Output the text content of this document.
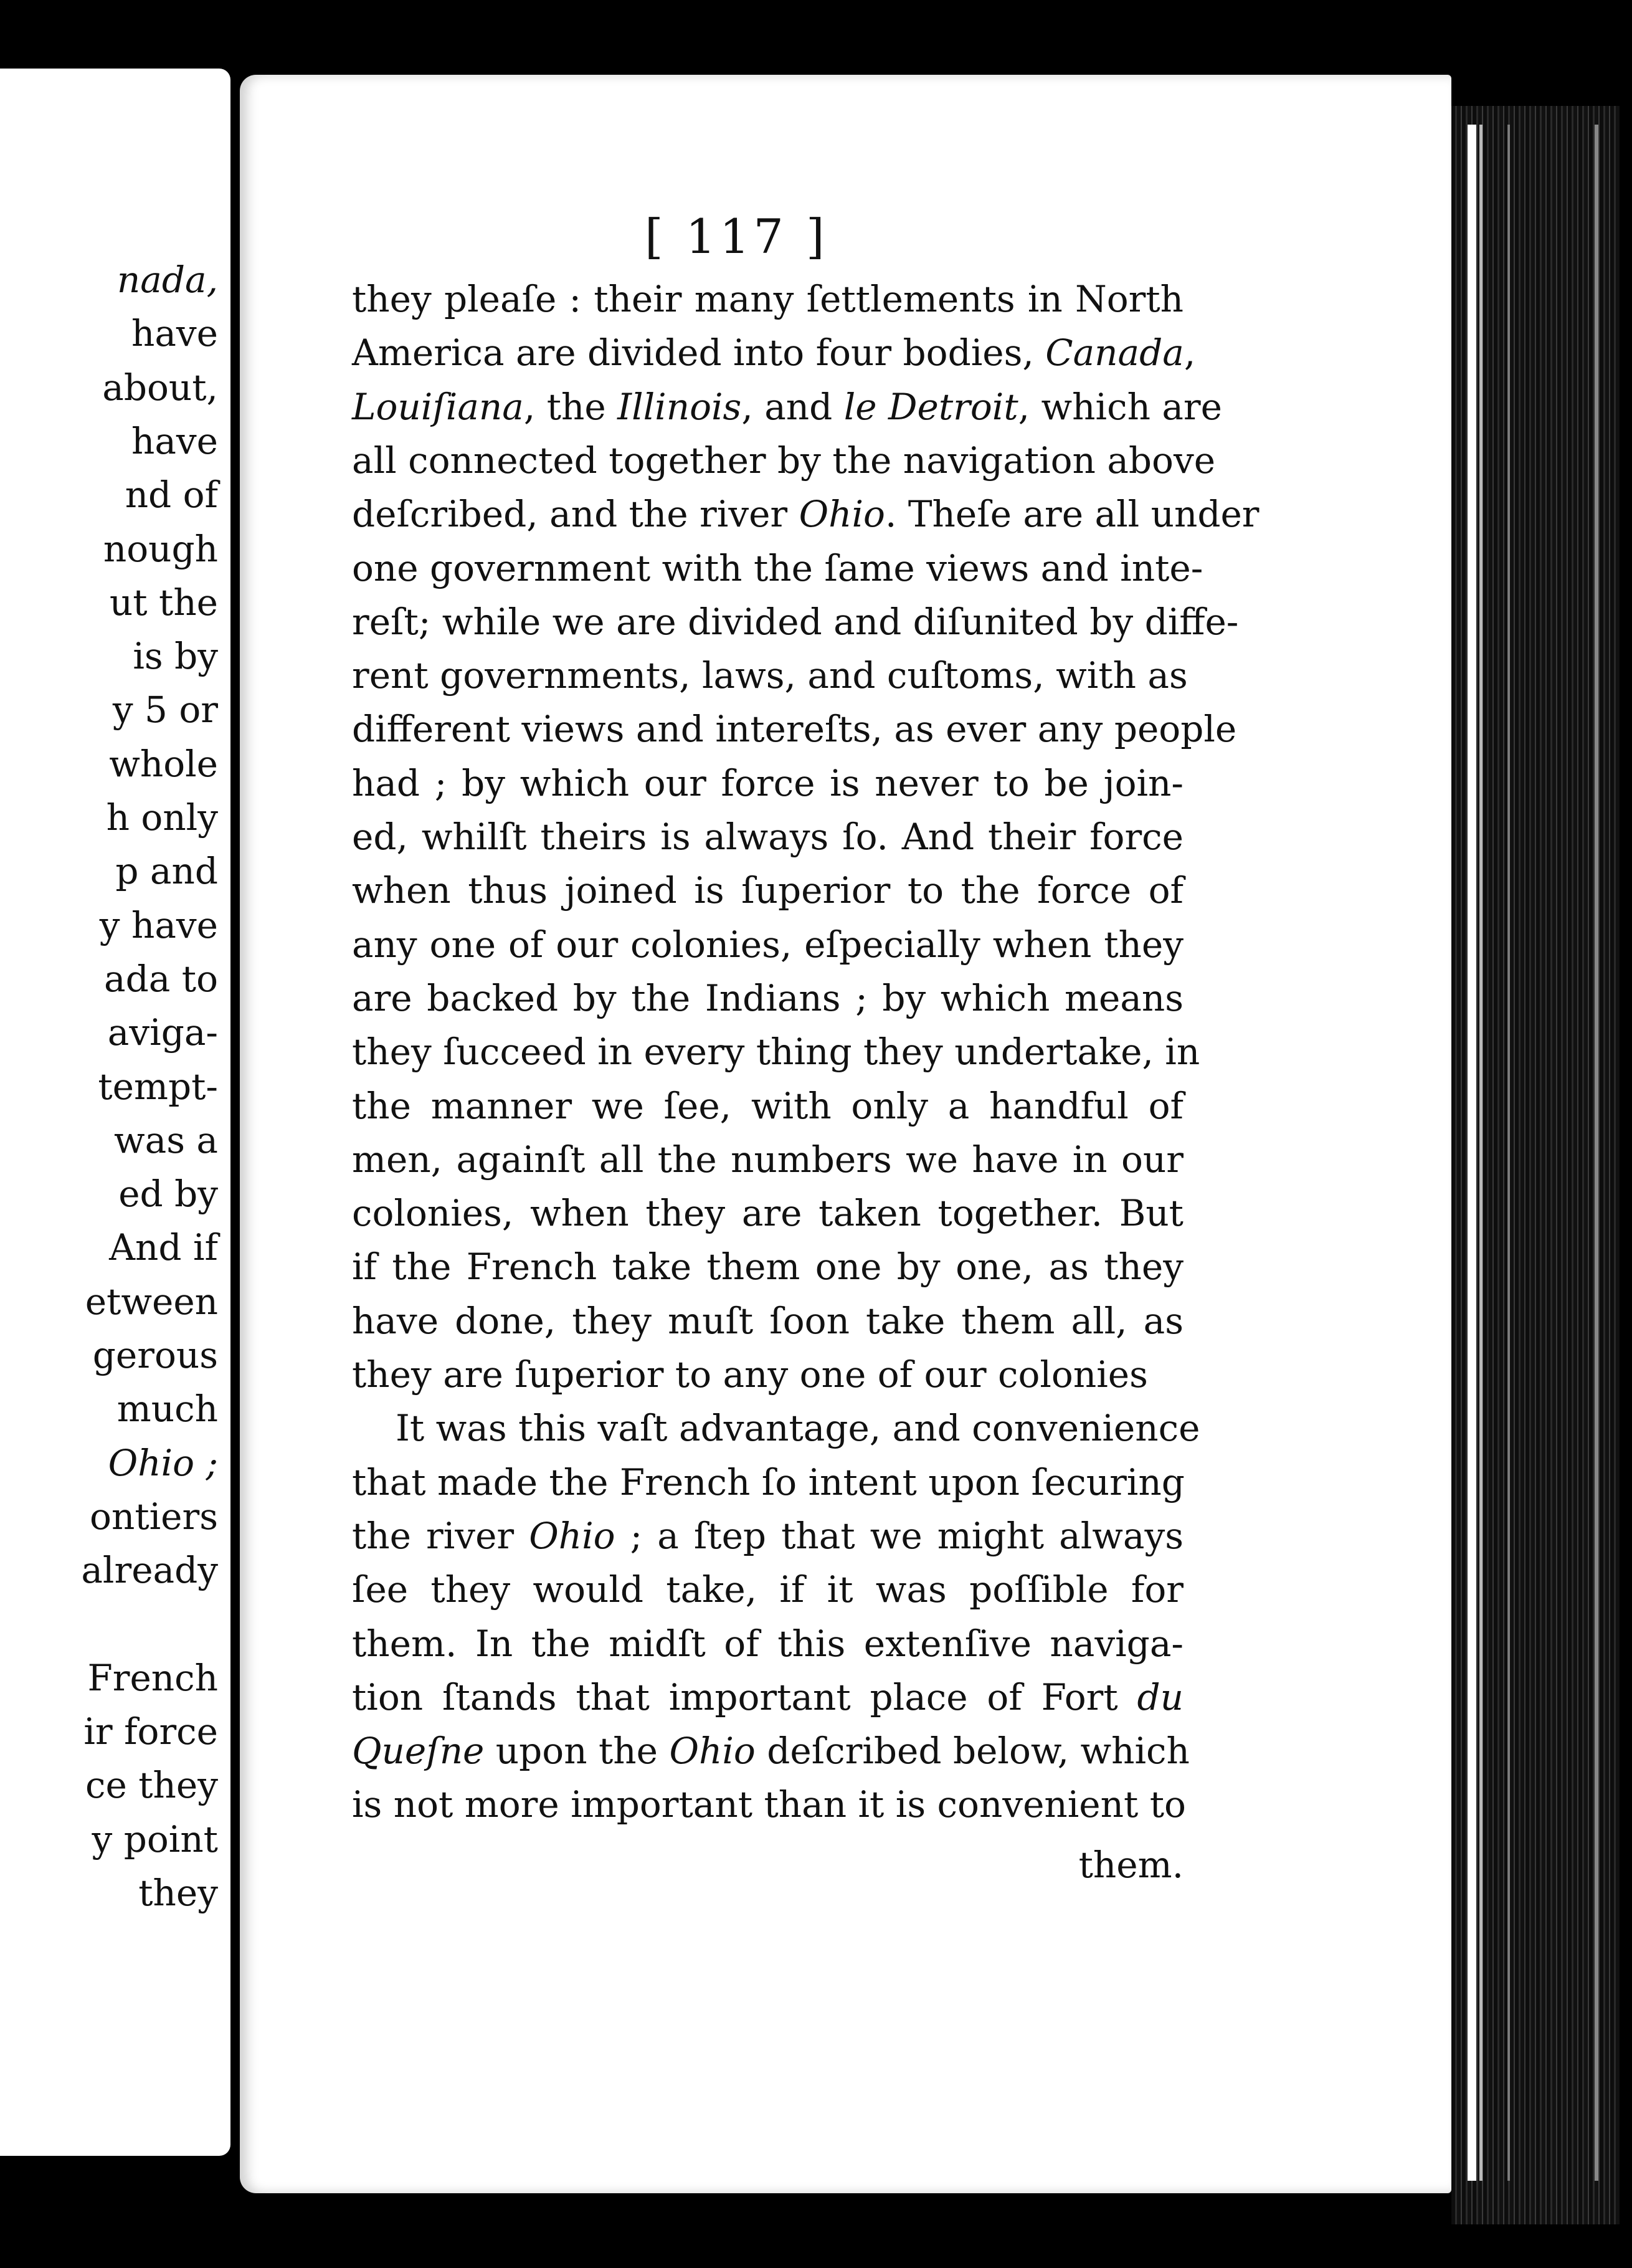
nada,
have
about,
have
nd of
nough
ut the
is by
y 5 or
whole
h only
p and
y have
ada to
aviga-
tempt-
was a
ed by
And if
etween
gerous
much
Ohio ;
ontiers
already
French
ir force
ce they
y point
they
[ 117 ]
they pleaſe : their many ſettlements in North
America are divided into four bodies, Canada,
Louiſiana, the Illinois, and le Detroit, which are
all connected together by the navigation above
deſcribed, and the river Ohio. Theſe are all under
one government with the ſame views and inte-
reſt; while we are divided and diſunited by diffe-
rent governments, laws, and cuſtoms, with as
different views and intereſts, as ever any people
had ; by which our force is never to be join-
ed, whilſt theirs is always ſo. And their force
when thus joined is ſuperior to the force of
any one of our colonies, eſpecially when they
are backed by the Indians ; by which means
they ſucceed in every thing they undertake, in
the manner we ſee, with only a handful of
men, againſt all the numbers we have in our
colonies, when they are taken together. But
if the French take them one by one, as they
have done, they muſt ſoon take them all, as
they are ſuperior to any one of our colonies
It was this vaſt advantage, and convenience
that made the French ſo intent upon ſecuring
the river Ohio ; a ſtep that we might always
ſee they would take, if it was poſſible for
them. In the midſt of this extenſive naviga-
tion ſtands that important place of Fort du
Queſne upon the Ohio deſcribed below, which
is not more important than it is convenient to
them.
